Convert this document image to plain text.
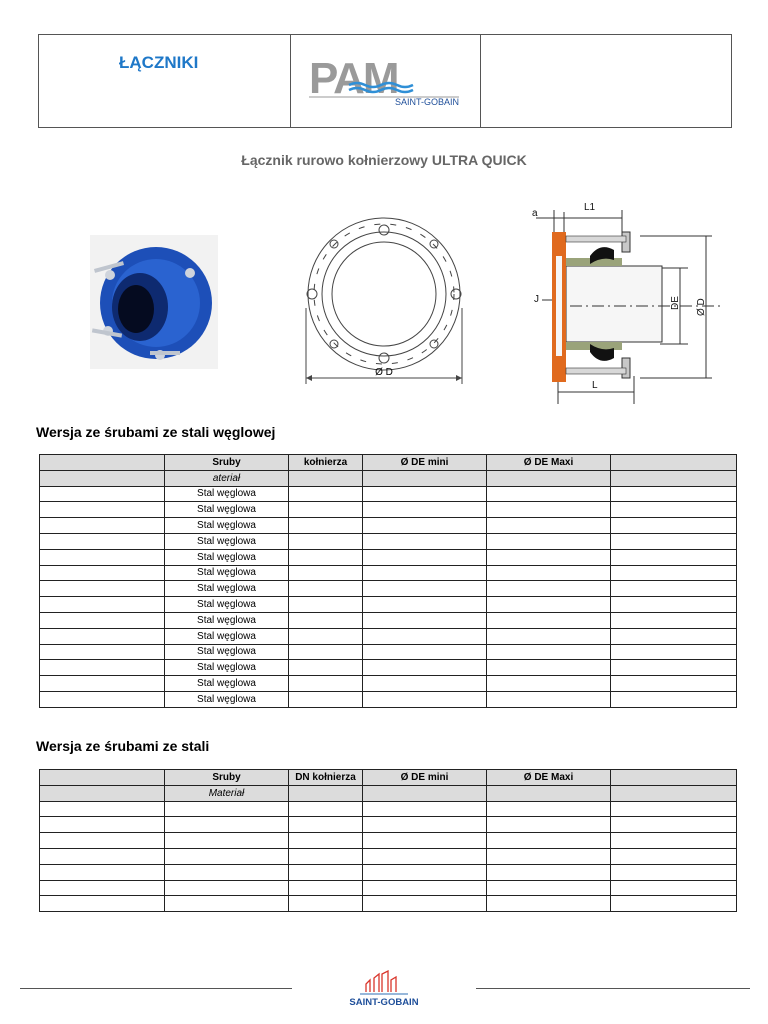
ŁĄCZNIKI	PAM
SAINT-GOBAIN
Łącznik rurowo kołnierzowy ULTRA QUICK
Ø D
a
L1
J
L
DE Ø D
Wersja ze śrubami ze stali węglowej
	Sruby	kołnierza	Ø DE mini	Ø DE Maxi	
	ateriał				
	Stal węglowa				
	Stal węglowa				
	Stal węglowa				
	Stal węglowa				
	Stal węglowa				
	Stal węglowa				
	Stal węglowa				
	Stal węglowa				
	Stal węglowa				
	Stal węglowa				
	Stal węglowa				
	Stal węglowa				
	Stal węglowa				
	Stal węglowa				
Wersja ze śrubami ze stali
	Sruby	DN kołnierza	Ø DE mini	Ø DE Maxi	
	Materiał				

SAINT-GOBAIN
